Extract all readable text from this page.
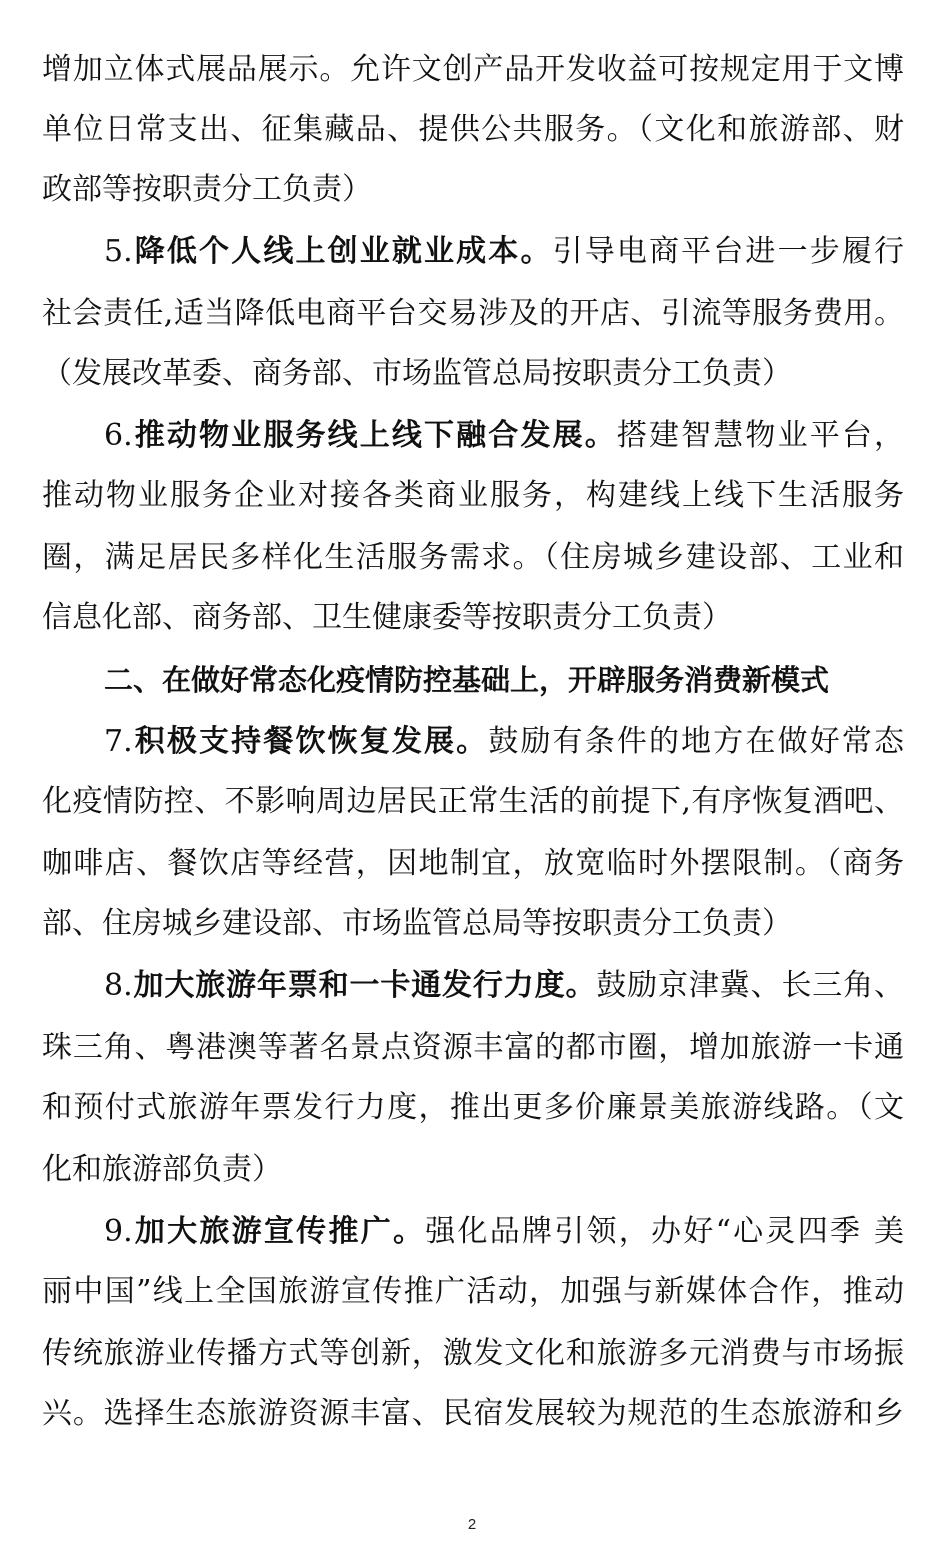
增加立体式展品展示。允许文创产品开发收益可按规定用于文博
单位日常支出、征集藏品、提供公共服务。（文化和旅游部、财
政部等按职责分工负责）
5.降低个人线上创业就业成本。引导电商平台进一步履行
社会责任,适当降低电商平台交易涉及的开店、引流等服务费用。
（发展改革委、商务部、市场监管总局按职责分工负责）
6.推动物业服务线上线下融合发展。搭建智慧物业平台，
推动物业服务企业对接各类商业服务，构建线上线下生活服务
圈，满足居民多样化生活服务需求。（住房城乡建设部、工业和
信息化部、商务部、卫生健康委等按职责分工负责）
二、在做好常态化疫情防控基础上，开辟服务消费新模式
7.积极支持餐饮恢复发展。鼓励有条件的地方在做好常态
化疫情防控、不影响周边居民正常生活的前提下,有序恢复酒吧、
咖啡店、餐饮店等经营，因地制宜，放宽临时外摆限制。（商务
部、住房城乡建设部、市场监管总局等按职责分工负责）
8.加大旅游年票和一卡通发行力度。鼓励京津冀、长三角、
珠三角、粤港澳等著名景点资源丰富的都市圈，增加旅游一卡通
和预付式旅游年票发行力度，推出更多价廉景美旅游线路。（文
化和旅游部负责）
9.加大旅游宣传推广。强化品牌引领，办好“心灵四季 美
丽中国”线上全国旅游宣传推广活动，加强与新媒体合作，推动
传统旅游业传播方式等创新，激发文化和旅游多元消费与市场振
兴。选择生态旅游资源丰富、民宿发展较为规范的生态旅游和乡
2
